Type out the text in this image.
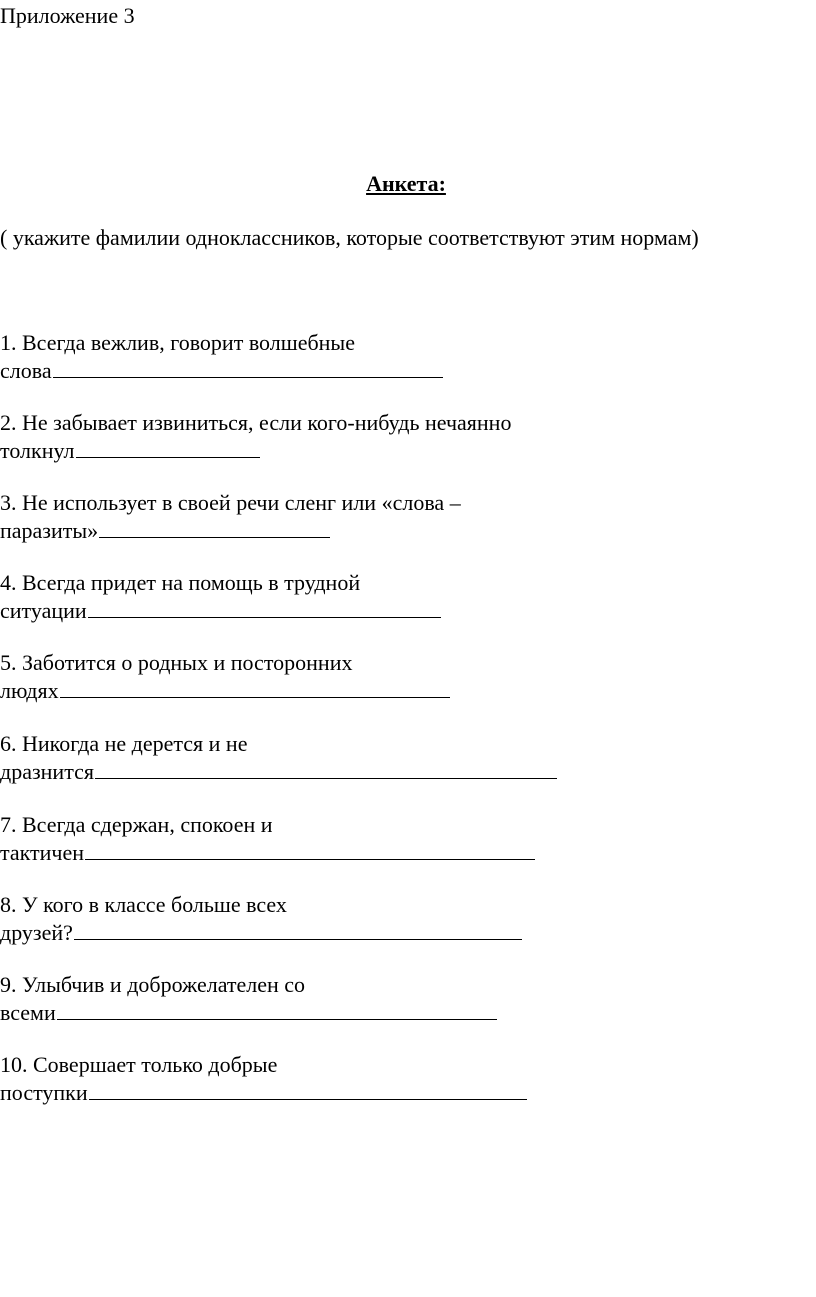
Приложение 3
Анкета:
( укажите фамилии одноклассников, которые соответствуют этим нормам)
1. Всегда вежлив, говорит волшебные
слова
2. Не забывает извиниться, если кого-нибудь нечаянно
толкнул
3. Не использует в своей речи сленг или «слова –
паразиты»
4. Всегда придет на помощь в трудной
ситуации
5. Заботится о родных и посторонних
людях
6. Никогда не дерется и не
дразнится
7. Всегда сдержан, спокоен и
тактичен
8. У кого в классе больше всех
друзей?
9. Улыбчив и доброжелателен со
всеми
10. Совершает только добрые
поступки
